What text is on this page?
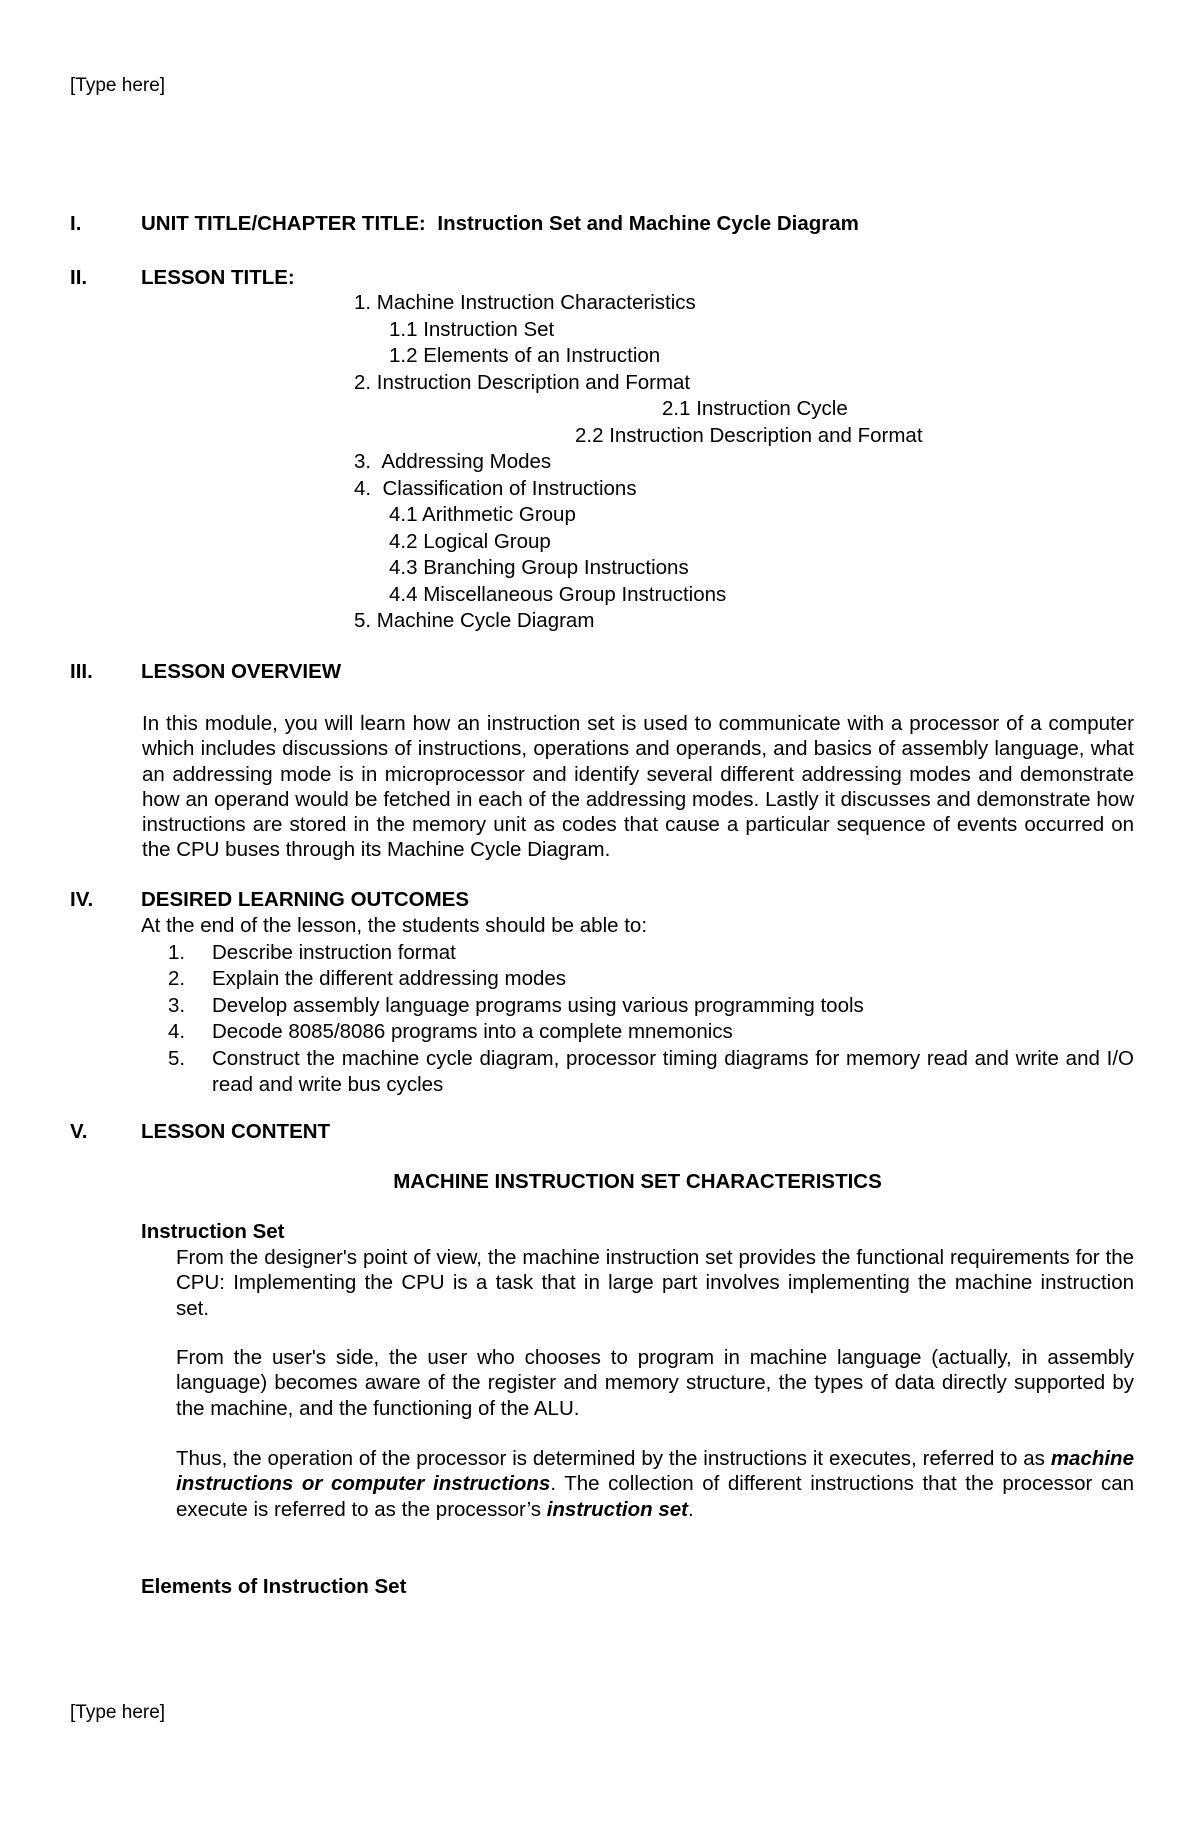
[Type here]
I.	UNIT TITLE/CHAPTER TITLE: Instruction Set and Machine Cycle Diagram
II.	LESSON TITLE:
1. Machine Instruction Characteristics
1.1 Instruction Set
1.2 Elements of an Instruction
2. Instruction Description and Format
2.1 Instruction Cycle
2.2 Instruction Description and Format
3.  Addressing Modes
4.  Classification of Instructions
4.1 Arithmetic Group
4.2 Logical Group
4.3 Branching Group Instructions
4.4 Miscellaneous Group Instructions
5. Machine Cycle Diagram
III. LESSON OVERVIEW
In this module, you will learn how an instruction set is used to communicate with a processor of a computer which includes discussions of instructions, operations and operands, and basics of assembly language, what an addressing mode is in microprocessor and identify several different addressing modes and demonstrate how an operand would be fetched in each of the addressing modes. Lastly it discusses and demonstrate how instructions are stored in the memory unit as codes that cause a particular sequence of events occurred on the CPU buses through its Machine Cycle Diagram.
IV. DESIRED LEARNING OUTCOMES
At the end of the lesson, the students should be able to:
1. Describe instruction format
2. Explain the different addressing modes
3. Develop assembly language programs using various programming tools
4. Decode 8085/8086 programs into a complete mnemonics
5. Construct the machine cycle diagram, processor timing diagrams for memory read and write and I/O read and write bus cycles
V.	LESSON CONTENT
MACHINE INSTRUCTION SET CHARACTERISTICS
Instruction Set
From the designer's point of view, the machine instruction set provides the functional requirements for the CPU: Implementing the CPU is a task that in large part involves implementing the machine instruction set.
From the user's side, the user who chooses to program in machine language (actually, in assembly language) becomes aware of the register and memory structure, the types of data directly supported by the machine, and the functioning of the ALU.
Thus, the operation of the processor is determined by the instructions it executes, referred to as machine instructions or computer instructions. The collection of different instructions that the processor can execute is referred to as the processor’s instruction set.
Elements of Instruction Set
[Type here]
